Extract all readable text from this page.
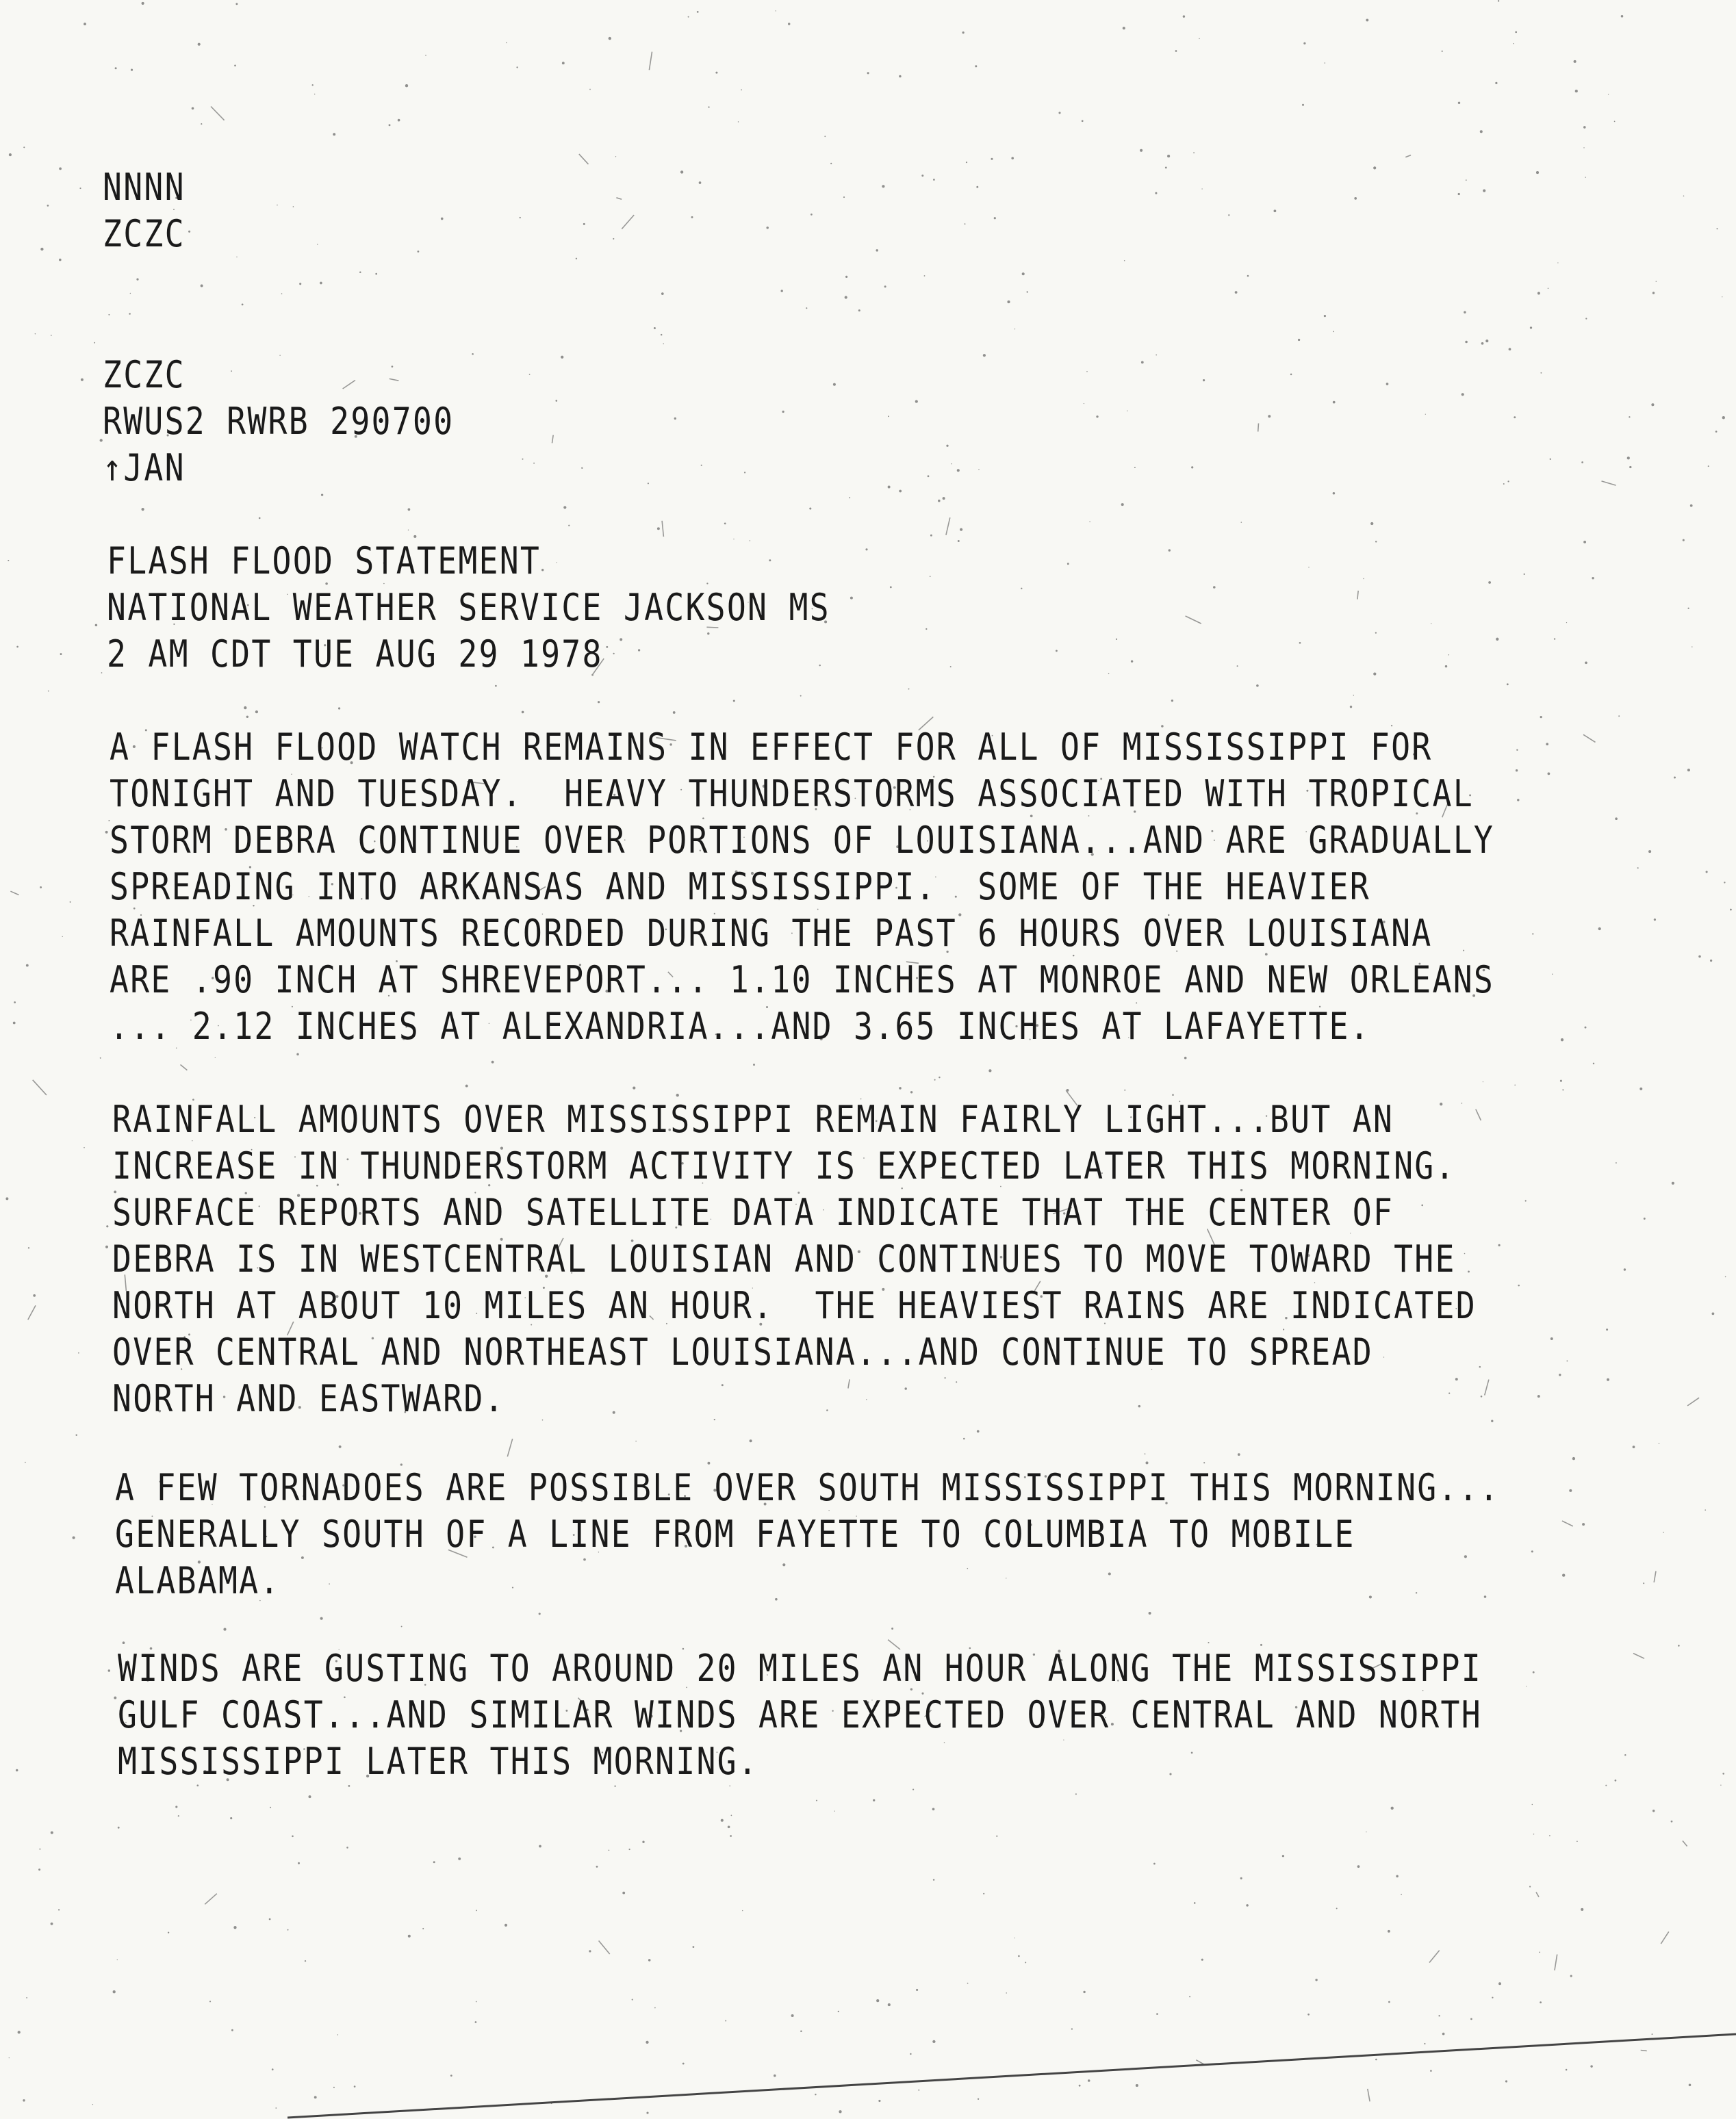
NNNN
ZCZC
ZCZC
RWUS2 RWRB 290700
↑JAN
FLASH FLOOD STATEMENT
NATIONAL WEATHER SERVICE JACKSON MS
2 AM CDT TUE AUG 29 1978
A FLASH FLOOD WATCH REMAINS IN EFFECT FOR ALL OF MISSISSIPPI FOR
TONIGHT AND TUESDAY.  HEAVY THUNDERSTORMS ASSOCIATED WITH TROPICAL
STORM DEBRA CONTINUE OVER PORTIONS OF LOUISIANA...AND ARE GRADUALLY
SPREADING INTO ARKANSAS AND MISSISSIPPI.  SOME OF THE HEAVIER
RAINFALL AMOUNTS RECORDED DURING THE PAST 6 HOURS OVER LOUISIANA
ARE .90 INCH AT SHREVEPORT... 1.10 INCHES AT MONROE AND NEW ORLEANS
... 2.12 INCHES AT ALEXANDRIA...AND 3.65 INCHES AT LAFAYETTE.
RAINFALL AMOUNTS OVER MISSISSIPPI REMAIN FAIRLY LIGHT...BUT AN
INCREASE IN THUNDERSTORM ACTIVITY IS EXPECTED LATER THIS MORNING.
SURFACE REPORTS AND SATELLITE DATA INDICATE THAT THE CENTER OF
DEBRA IS IN WESTCENTRAL LOUISIAN AND CONTINUES TO MOVE TOWARD THE
NORTH AT ABOUT 10 MILES AN HOUR.  THE HEAVIEST RAINS ARE INDICATED
OVER CENTRAL AND NORTHEAST LOUISIANA...AND CONTINUE TO SPREAD
NORTH AND EASTWARD.
A FEW TORNADOES ARE POSSIBLE OVER SOUTH MISSISSIPPI THIS MORNING...
GENERALLY SOUTH OF A LINE FROM FAYETTE TO COLUMBIA TO MOBILE
ALABAMA.
WINDS ARE GUSTING TO AROUND 20 MILES AN HOUR ALONG THE MISSISSIPPI
GULF COAST...AND SIMILAR WINDS ARE EXPECTED OVER CENTRAL AND NORTH
MISSISSIPPI LATER THIS MORNING.
